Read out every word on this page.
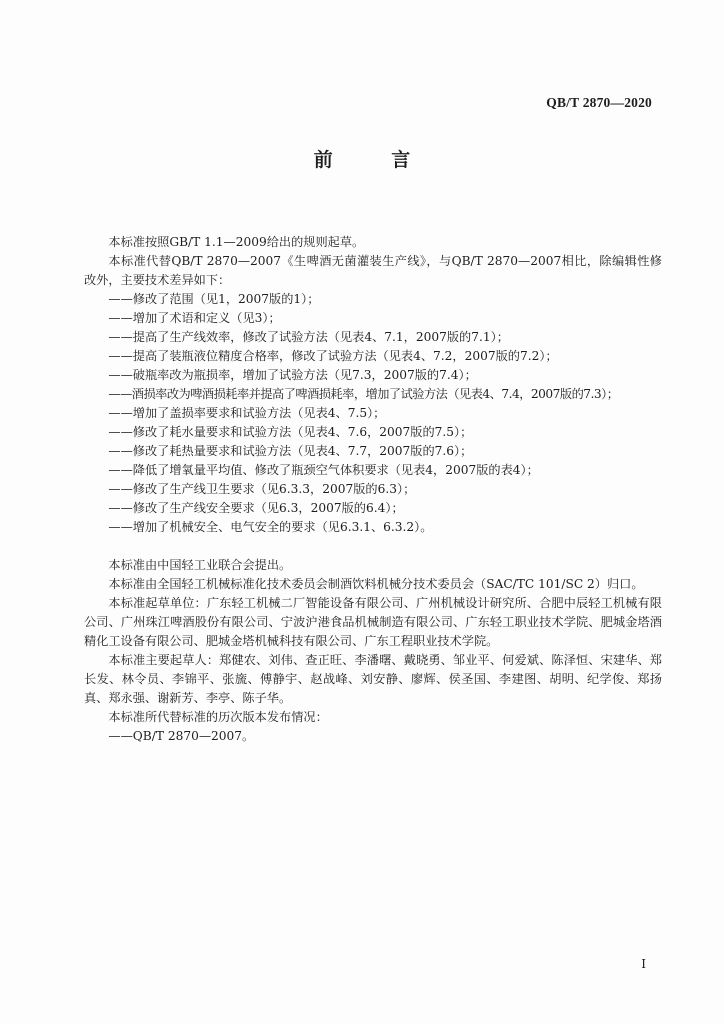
QB/T 2870—2020
前 言

本标准按照GB/T 1.1—2009给出的规则起草。

本标准代替QB/T 2870—2007《生啤酒无菌灌装生产线》，与QB/T 2870—2007相比，除编辑性修改外，主要技术差异如下：

——修改了范围（见1，2007版的1）；

——增加了术语和定义（见3）；

——提高了生产线效率，修改了试验方法（见表4、7.1，2007版的7.1）；

——提高了装瓶液位精度合格率，修改了试验方法（见表4、7.2，2007版的7.2）；

——破瓶率改为瓶损率，增加了试验方法（见7.3，2007版的7.4）；

——酒损率改为啤酒损耗率并提高了啤酒损耗率，增加了试验方法（见表4、7.4，2007版的7.3）；

——增加了盖损率要求和试验方法（见表4、7.5）；

——修改了耗水量要求和试验方法（见表4、7.6，2007版的7.5）；

——修改了耗热量要求和试验方法（见表4、7.7，2007版的7.6）；

——降低了增氧量平均值、修改了瓶颈空气体积要求（见表4，2007版的表4）；

——修改了生产线卫生要求（见6.3.3，2007版的6.3）；

——修改了生产线安全要求（见6.3，2007版的6.4）；

——增加了机械安全、电气安全的要求（见6.3.1、6.3.2）。

本标准由中国轻工业联合会提出。

本标准由全国轻工机械标准化技术委员会制酒饮料机械分技术委员会（SAC/TC 101/SC 2）归口。

本标准起草单位：广东轻工机械二厂智能设备有限公司、广州机械设计研究所、合肥中辰轻工机械有限公司、广州珠江啤酒股份有限公司、宁波沪港食品机械制造有限公司、广东轻工职业技术学院、肥城金塔酒精化工设备有限公司、肥城金塔机械科技有限公司、广东工程职业技术学院。

本标准主要起草人：郑健农、刘伟、查正旺、李潘曙、戴晓勇、邹业平、何爱斌、陈泽恒、宋建华、郑长发、林令员、李锦平、张旒、傅静宇、赵战峰、刘安静、廖辉、侯圣国、李建图、胡明、纪学俊、郑扬真、郑永强、谢新芳、李亭、陈子华。

本标准所代替标准的历次版本发布情况：

——QB/T 2870—2007。

I
